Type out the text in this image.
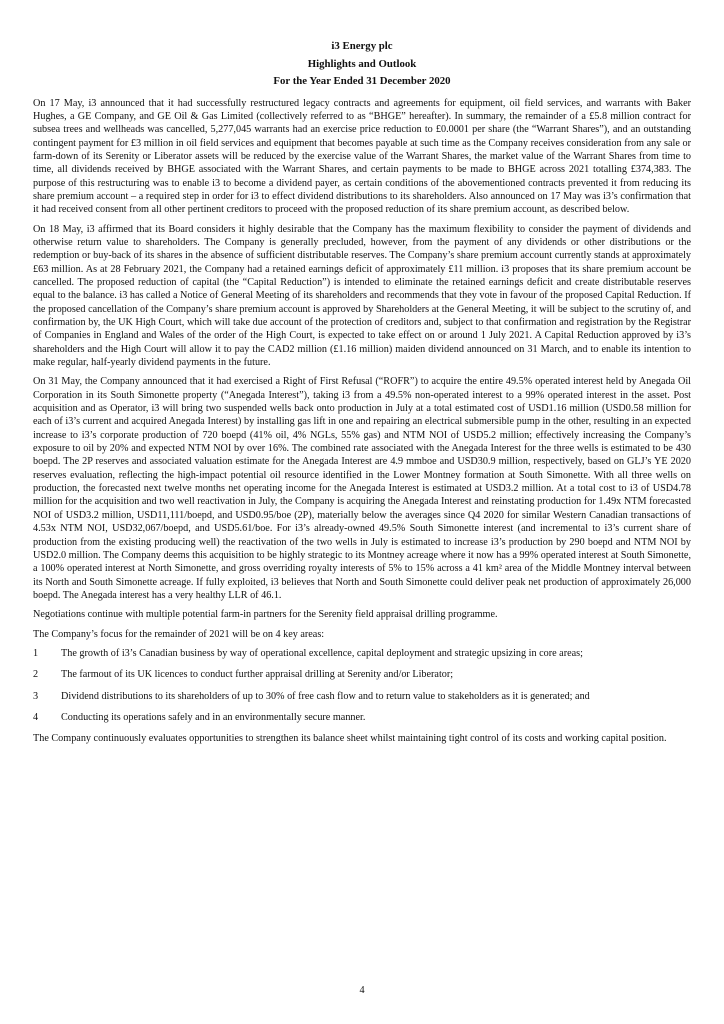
i3 Energy plc
Highlights and Outlook
For the Year Ended 31 December 2020

On 17 May, i3 announced that it had successfully restructured legacy contracts and agreements for equipment, oil field services, and warrants with Baker Hughes, a GE Company, and GE Oil & Gas Limited (collectively referred to as “BHGE” hereafter). In summary, the remainder of a £5.8 million contract for subsea trees and wellheads was cancelled, 5,277,045 warrants had an exercise price reduction to £0.0001 per share (the “Warrant Shares”), and an outstanding contingent payment for £3 million in oil field services and equipment that becomes payable at such time as the Company receives consideration from any sale or farm-down of its Serenity or Liberator assets will be reduced by the exercise value of the Warrant Shares, the market value of the Warrant Shares from time to time, all dividends received by BHGE associated with the Warrant Shares, and certain payments to be made to BHGE across 2021 totalling £374,383. The purpose of this restructuring was to enable i3 to become a dividend payer, as certain conditions of the abovementioned contracts prevented it from reducing its share premium account – a required step in order for i3 to effect dividend distributions to its shareholders. Also announced on 17 May was i3’s confirmation that it had received consent from all other pertinent creditors to proceed with the proposed reduction of its share premium account, as described below.

On 18 May, i3 affirmed that its Board considers it highly desirable that the Company has the maximum flexibility to consider the payment of dividends and otherwise return value to shareholders. The Company is generally precluded, however, from the payment of any dividends or other distributions or the redemption or buy-back of its shares in the absence of sufficient distributable reserves. The Company’s share premium account currently stands at approximately £63 million. As at 28 February 2021, the Company had a retained earnings deficit of approximately £11 million. i3 proposes that its share premium account be cancelled. The proposed reduction of capital (the “Capital Reduction”) is intended to eliminate the retained earnings deficit and create distributable reserves equal to the balance. i3 has called a Notice of General Meeting of its shareholders and recommends that they vote in favour of the proposed Capital Reduction. If the proposed cancellation of the Company’s share premium account is approved by Shareholders at the General Meeting, it will be subject to the scrutiny of, and confirmation by, the UK High Court, which will take due account of the protection of creditors and, subject to that confirmation and registration by the Registrar of Companies in England and Wales of the order of the High Court, is expected to take effect on or around 1 July 2021. A Capital Reduction approved by i3’s shareholders and the High Court will allow it to pay the CAD2 million (£1.16 million) maiden dividend announced on 31 March, and to enable its intention to make regular, half-yearly dividend payments in the future.

On 31 May, the Company announced that it had exercised a Right of First Refusal (“ROFR”) to acquire the entire 49.5% operated interest held by Anegada Oil Corporation in its South Simonette property (“Anegada Interest”), taking i3 from a 49.5% non-operated interest to a 99% operated interest in the asset. Post acquisition and as Operator, i3 will bring two suspended wells back onto production in July at a total estimated cost of USD1.16 million (USD0.58 million for each of i3’s current and acquired Anegada Interest) by installing gas lift in one and repairing an electrical submersible pump in the other, resulting in an expected increase to i3’s corporate production of 720 boepd (41% oil, 4% NGLs, 55% gas) and NTM NOI of USD5.2 million; effectively increasing the Company’s exposure to oil by 20% and expected NTM NOI by over 16%. The combined rate associated with the Anegada Interest for the three wells is estimated to be 430 boepd. The 2P reserves and associated valuation estimate for the Anegada Interest are 4.9 mmboe and USD30.9 million, respectively, based on GLJ’s YE 2020 reserves evaluation, reflecting the high-impact potential oil resource identified in the Lower Montney formation at South Simonette. With all three wells on production, the forecasted next twelve months net operating income for the Anegada Interest is estimated at USD3.2 million. At a total cost to i3 of USD4.78 million for the acquisition and two well reactivation in July, the Company is acquiring the Anegada Interest and reinstating production for 1.49x NTM forecasted NOI of USD3.2 million, USD11,111/boepd, and USD0.95/boe (2P), materially below the averages since Q4 2020 for similar Western Canadian transactions of 4.53x NTM NOI, USD32,067/boepd, and USD5.61/boe. For i3’s already-owned 49.5% South Simonette interest (and incremental to i3’s current share of production from the existing producing well) the reactivation of the two wells in July is estimated to increase i3’s production by 290 boepd and NTM NOI by USD2.0 million. The Company deems this acquisition to be highly strategic to its Montney acreage where it now has a 99% operated interest at South Simonette, a 100% operated interest at North Simonette, and gross overriding royalty interests of 5% to 15% across a 41 km² area of the Middle Montney interval between its North and South Simonette acreage. If fully exploited, i3 believes that North and South Simonette could deliver peak net production of approximately 26,000 boepd. The Anegada interest has a very healthy LLR of 46.1.

Negotiations continue with multiple potential farm-in partners for the Serenity field appraisal drilling programme.

The Company’s focus for the remainder of 2021 will be on 4 key areas:

1	The growth of i3’s Canadian business by way of operational excellence, capital deployment and strategic upsizing in core areas;
2	The farmout of its UK licences to conduct further appraisal drilling at Serenity and/or Liberator;
3	Dividend distributions to its shareholders of up to 30% of free cash flow and to return value to stakeholders as it is generated; and
4	Conducting its operations safely and in an environmentally secure manner.

The Company continuously evaluates opportunities to strengthen its balance sheet whilst maintaining tight control of its costs and working capital position.

4
